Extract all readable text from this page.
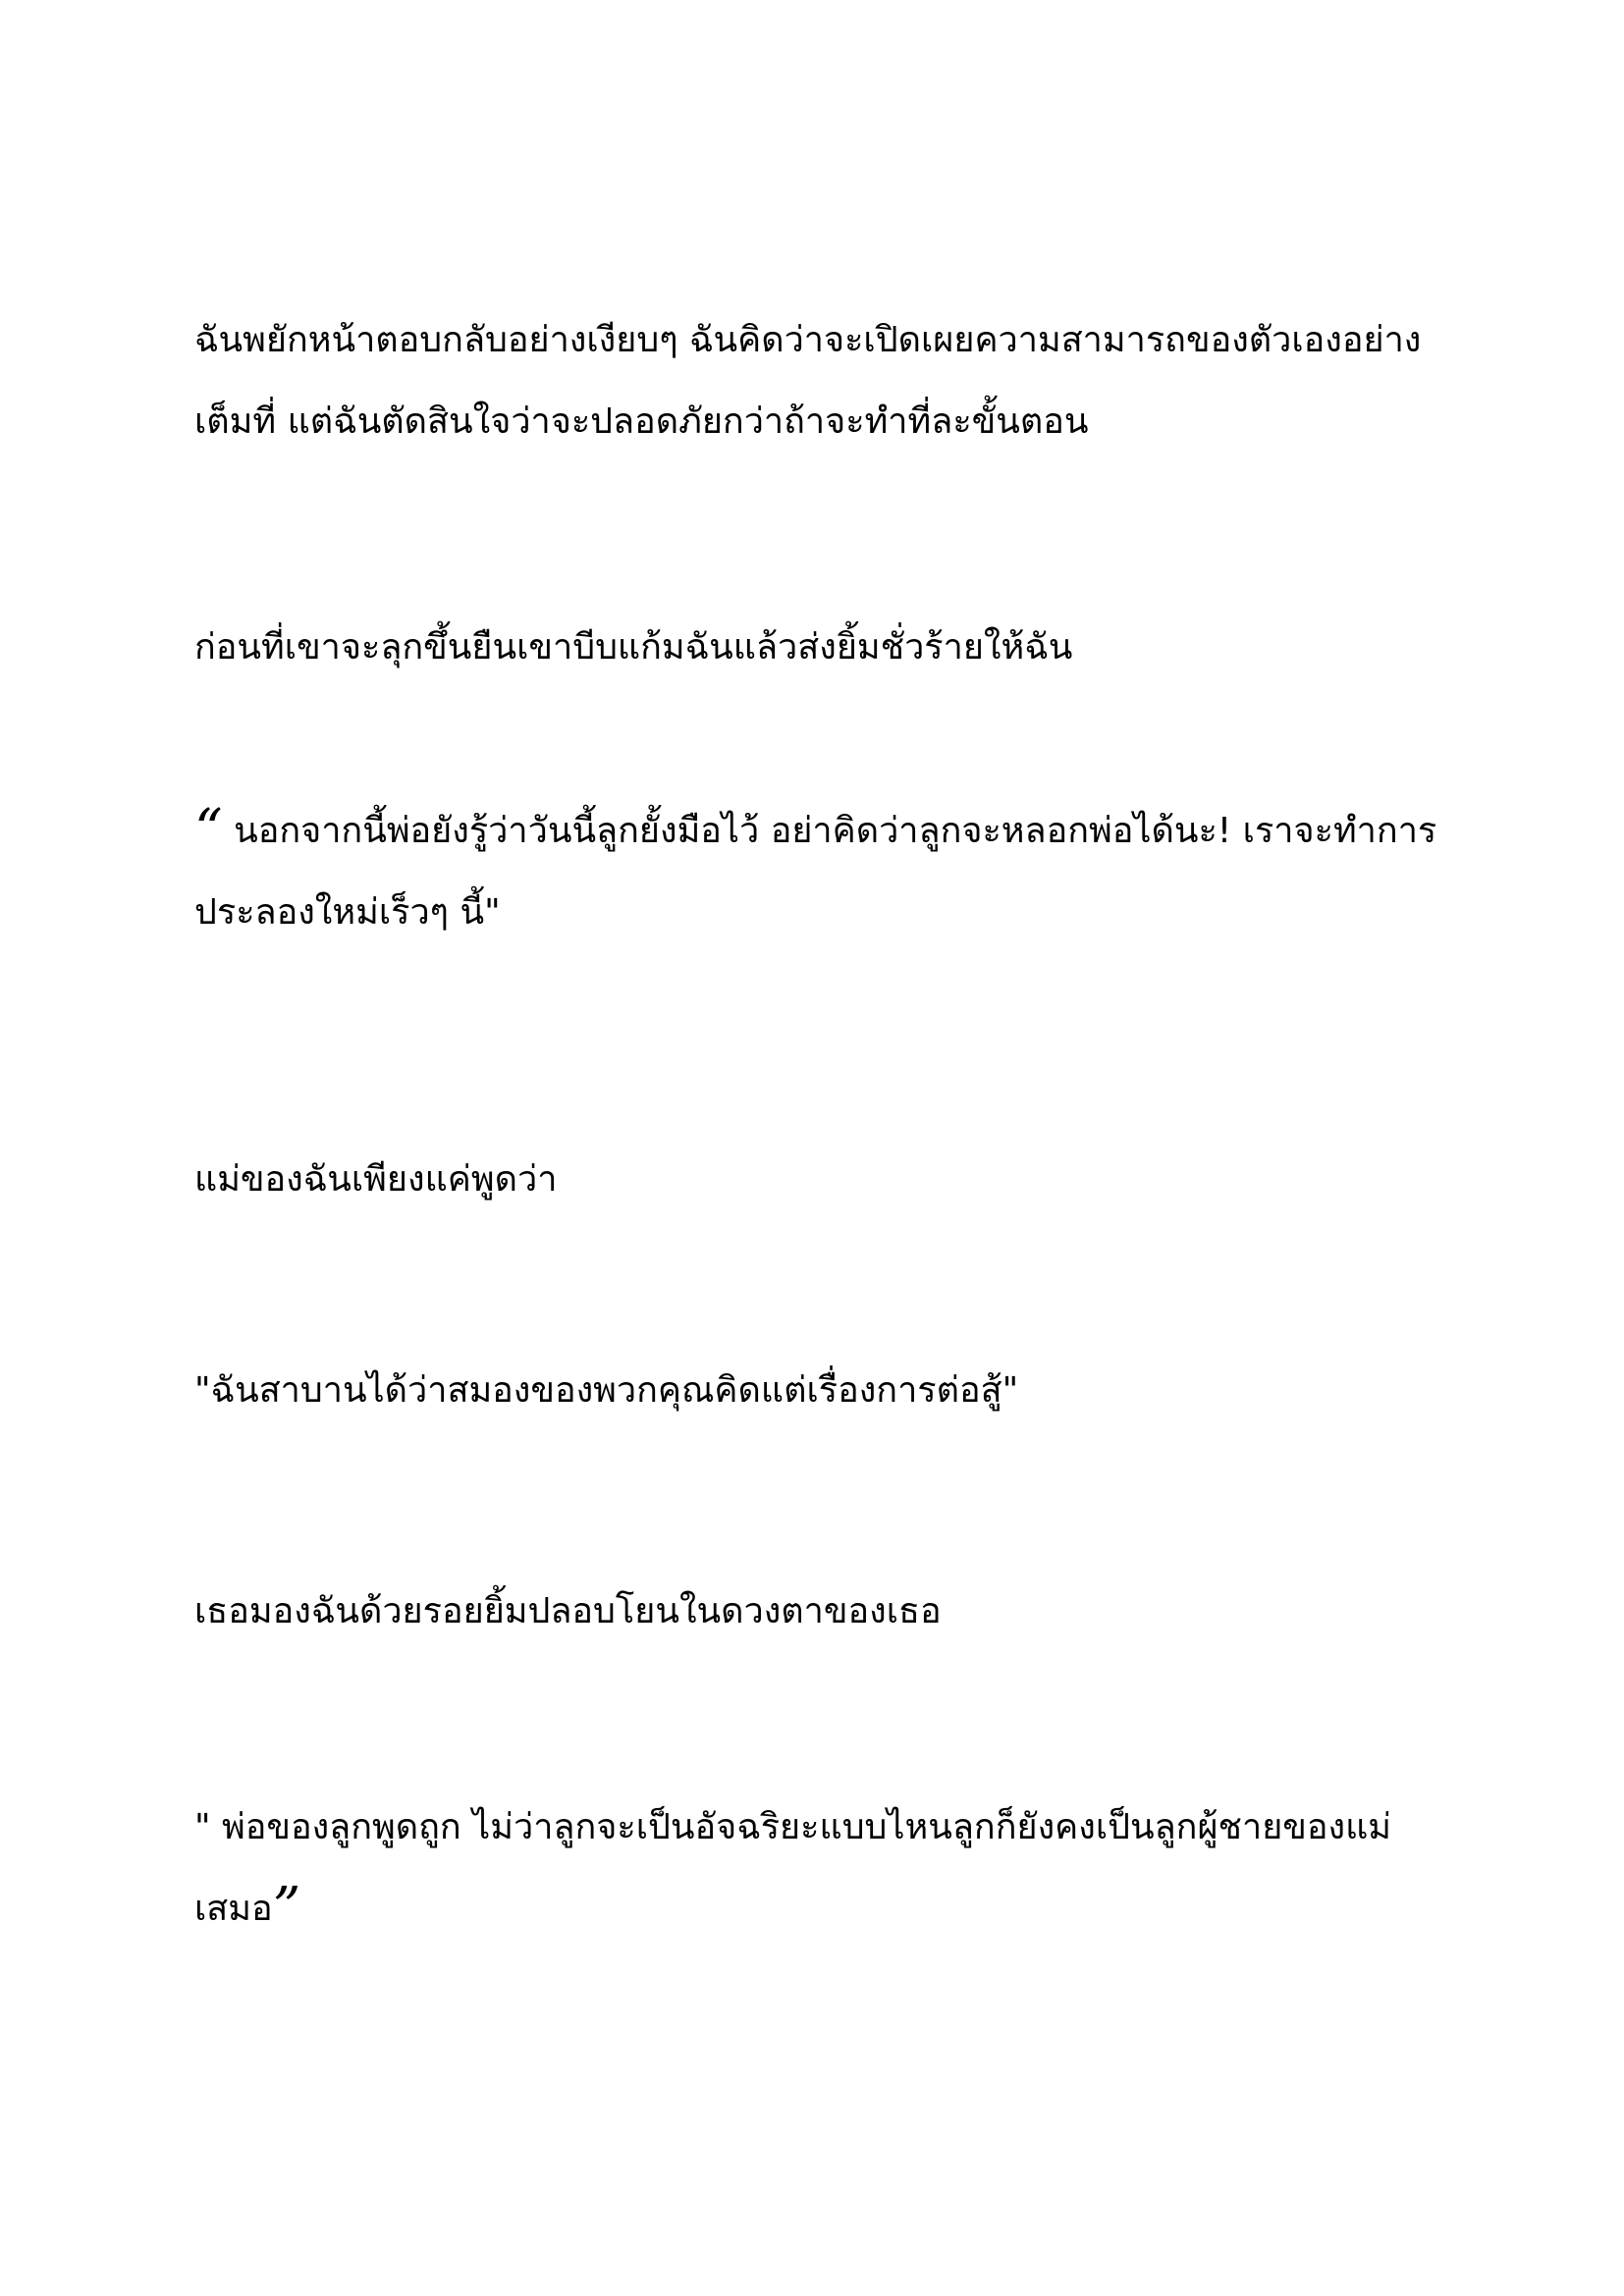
ฉันพยักหน้าตอบกลับอย่างเงียบๆ ฉันคิดว่าจะเปิดเผยความสามารถของตัวเองอย่าง
เต็มที่ แต่ฉันตัดสินใจว่าจะปลอดภัยกว่าถ้าจะทำที่ละขั้นตอน

ก่อนที่เขาจะลุกขึ้นยืนเขาบีบแก้มฉันแล้วส่งยิ้มชั่วร้ายให้ฉัน

“ นอกจากนี้พ่อยังรู้ว่าวันนี้ลูกยั้งมือไว้ อย่าคิดว่าลูกจะหลอกพ่อได้นะ! เราจะทำการ
ประลองใหม่เร็วๆ นี้"

แม่ของฉันเพียงแค่พูดว่า

"ฉันสาบานได้ว่าสมองของพวกคุณคิดแต่เรื่องการต่อสู้"

เธอมองฉันด้วยรอยยิ้มปลอบโยนในดวงตาของเธอ

" พ่อของลูกพูดถูก ไม่ว่าลูกจะเป็นอัจฉริยะแบบไหนลูกก็ยังคงเป็นลูกผู้ชายของแม่
เสมอ”
